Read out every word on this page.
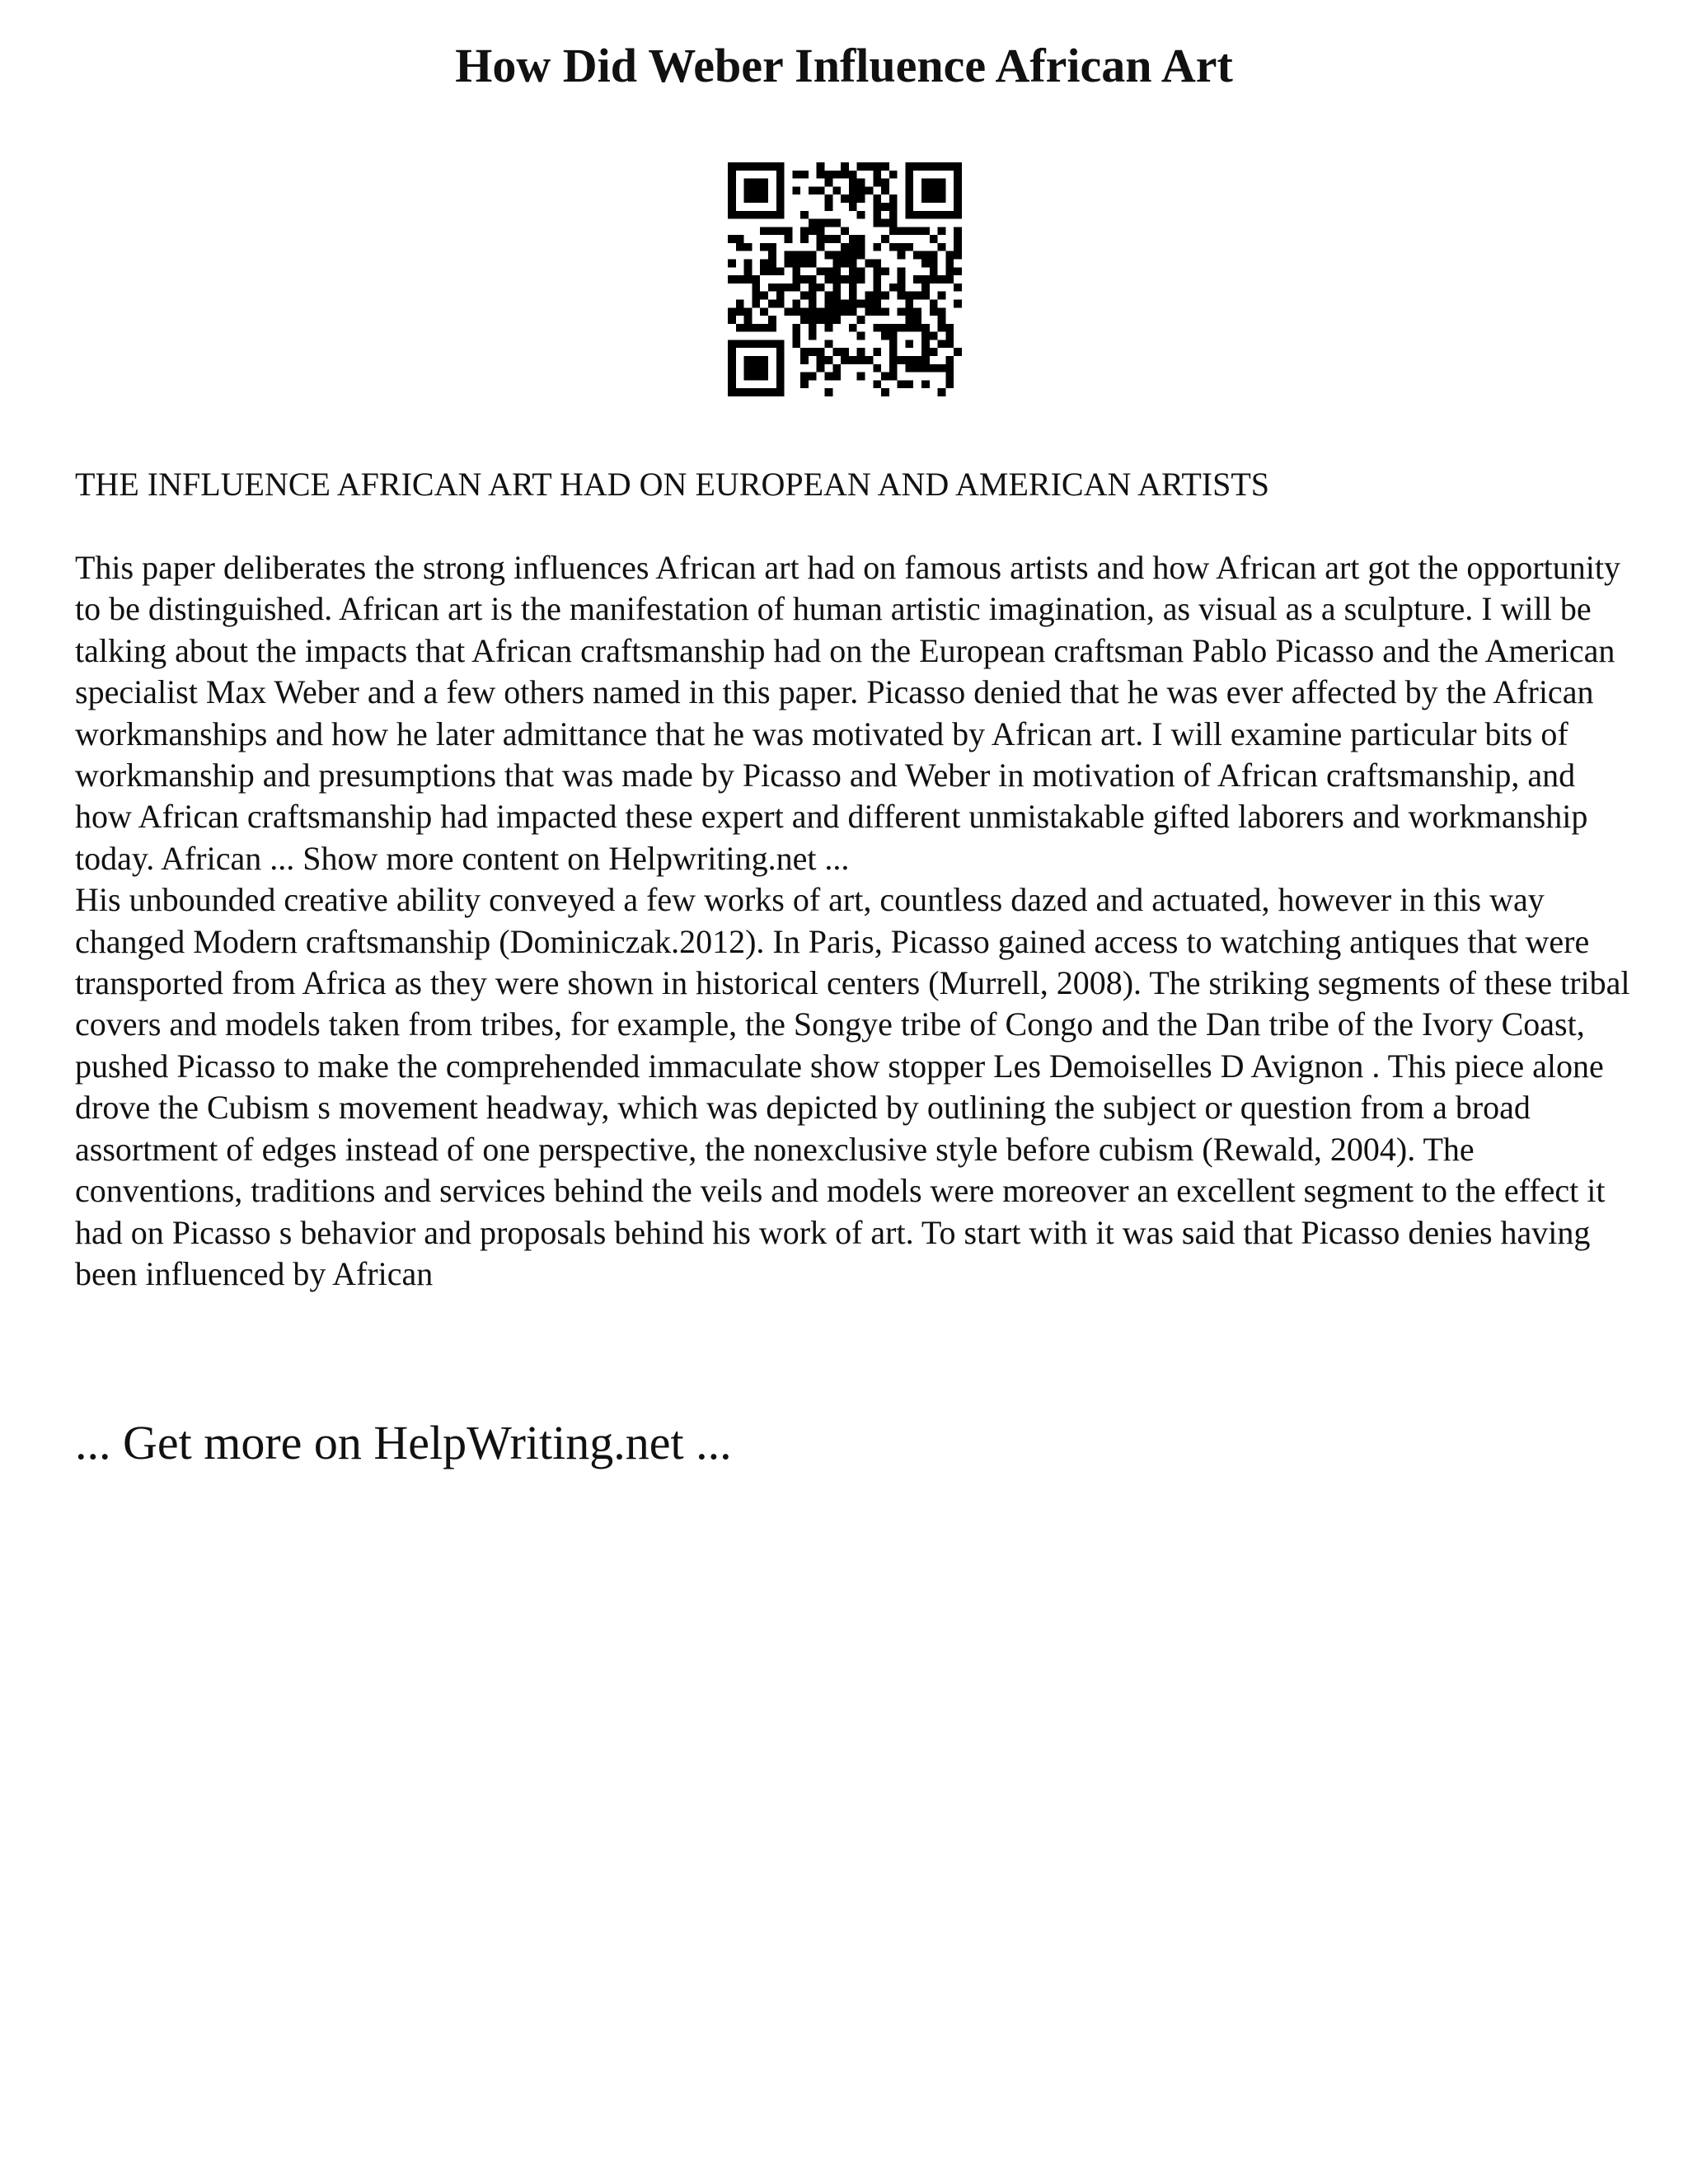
How Did Weber Influence African Art
THE INFLUENCE AFRICAN ART HAD ON EUROPEAN AND AMERICAN ARTISTS

This paper deliberates the strong influences African art had on famous artists and how African art got the opportunity to be distinguished. African art is the manifestation of human artistic imagination, as visual as a sculpture. I will be talking about the impacts that African craftsmanship had on the European craftsman Pablo Picasso and the American specialist Max Weber and a few others named in this paper. Picasso denied that he was ever affected by the African workmanships and how he later admittance that he was motivated by African art. I will examine particular bits of workmanship and presumptions that was made by Picasso and Weber in motivation of African craftsmanship, and how African craftsmanship had impacted these expert and different unmistakable gifted laborers and workmanship today. African ... Show more content on Helpwriting.net ...

His unbounded creative ability conveyed a few works of art, countless dazed and actuated, however in this way changed Modern craftsmanship (Dominiczak.2012). In Paris, Picasso gained access to watching antiques that were transported from Africa as they were shown in historical centers (Murrell, 2008). The striking segments of these tribal covers and models taken from tribes, for example, the Songye tribe of Congo and the Dan tribe of the Ivory Coast, pushed Picasso to make the comprehended immaculate show stopper Les Demoiselles D Avignon . This piece alone drove the Cubism s movement headway, which was depicted by outlining the subject or question from a broad assortment of edges instead of one perspective, the nonexclusive style before cubism (Rewald, 2004). The conventions, traditions and services behind the veils and models were moreover an excellent segment to the effect it had on Picasso s behavior and proposals behind his work of art. To start with it was said that Picasso denies having been influenced by African

... Get more on HelpWriting.net ...
